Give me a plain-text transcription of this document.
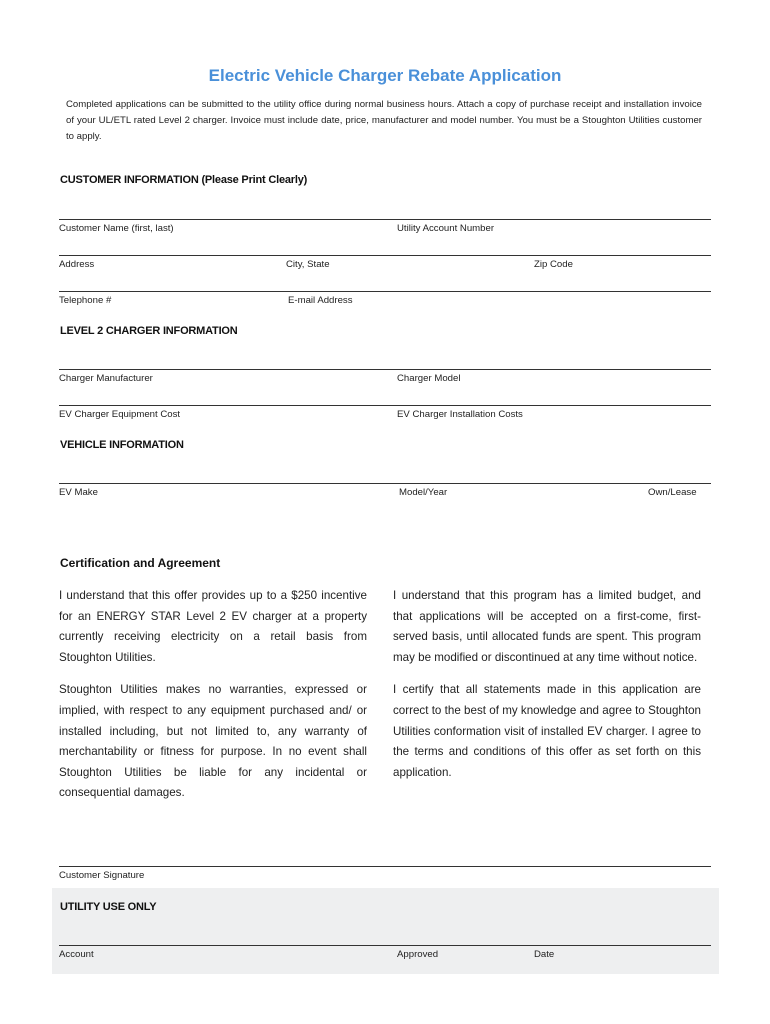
Electric Vehicle Charger Rebate Application
Completed applications can be submitted to the utility office during normal business hours. Attach a copy of purchase receipt and installation invoice of your UL/ETL rated Level 2 charger. Invoice must include date, price, manufacturer and model number. You must be a Stoughton Utilities customer to apply.
CUSTOMER INFORMATION (Please Print Clearly)
Customer Name (first, last)	Utility Account Number
Address	City, State	Zip Code
Telephone #	E-mail Address
LEVEL 2 CHARGER INFORMATION
Charger Manufacturer	Charger Model
EV Charger Equipment Cost	EV Charger Installation Costs
VEHICLE INFORMATION
EV Make	Model/Year	Own/Lease
Certification and Agreement

I understand that this offer provides up to a $250 incentive for an ENERGY STAR Level 2 EV charger at a property currently receiving electricity on a retail basis from Stoughton Utilities.

Stoughton Utilities makes no warranties, expressed or implied, with respect to any equipment purchased and/ or installed including, but not limited to, any warranty of merchantability or fitness for purpose. In no event shall Stoughton Utilities be liable for any incidental or consequential damages.

I understand that this program has a limited budget, and that applications will be accepted on a first-come, first-served basis, until allocated funds are spent. This program may be modified or discontinued at any time without notice.

I certify that all statements made in this application are correct to the best of my knowledge and agree to Stoughton Utilities conformation visit of installed EV charger. I agree to the terms and conditions of this offer as set forth on this application.

Customer Signature
UTILITY USE ONLY
Account	Approved	Date
